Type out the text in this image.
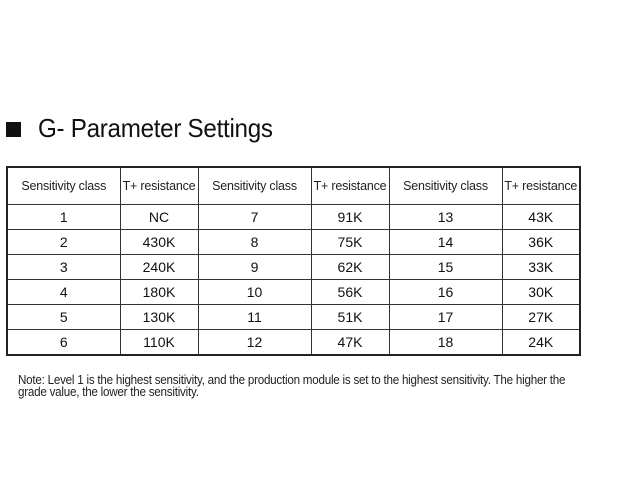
G- Parameter Settings
Sensitivity class	T+ resistance	Sensitivity class	T+ resistance	Sensitivity class	T+ resistance
1	NC	7	91K	13	43K
2	430K	8	75K	14	36K
3	240K	9	62K	15	33K
4	180K	10	56K	16	30K
5	130K	11	51K	17	27K
6	110K	12	47K	18	24K
Note: Level 1 is the highest sensitivity, and the production module is set to the highest sensitivity. The higher the grade value, the lower the sensitivity.
